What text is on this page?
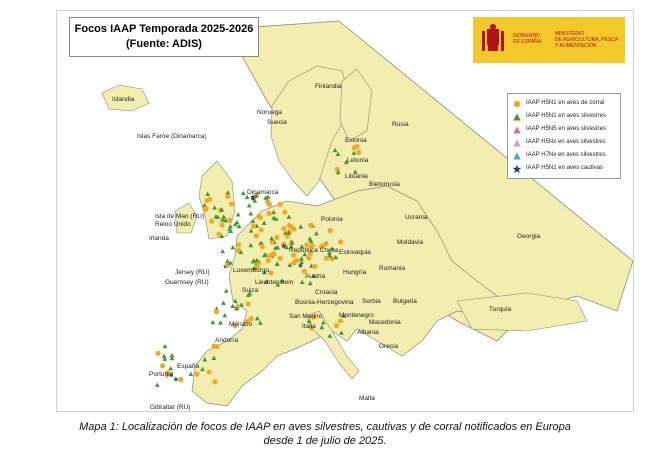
Focos IAAP Temporada 2025-2026
(Fuente: ADIS)
GOBIERNO
DE ESPAÑA
MINISTERIO
DE AGRICULTURA, PESCA
Y ALIMENTACIÓN
IAAP H5N1 en aves de corral
IAAP H5N1 en aves silvestres
IAAP H5N5 en aves silvestres
IAAP H5Nx en aves silvestres
IAAP H7Nx en aves silvestres
IAAP H5N1 en aves cautivas
Islandia
Islas Faroe (Dinamarca)
Finlandia
Noruega
Suecia	Rusia
Estonia
Letonia
Lituania
Bielorrusia
Dinamarca
Isla de Man (RU)
Reino Unido
Irlanda
Polonia	Ucrania
Jersey (RU)
Guernsey (RU)
República Checa Eslovaquia
Moldavia
Luxemburgo
Austria
Hungría
Rumania
Georgia
Liechtenstein
Suiza	Croacia
Serbia Bulgaria
Bosnia-Herzegovina
Montenegro
Mónaco
San Marino
Italia
Macedonia
Albania
Turquía
Andorra
Grecia
España
Portugal
Gibraltar (RU)
Malta
Mapa 1: Localización de focos de IAAP en aves silvestres, cautivas y de corral notificados en Europa
desde 1 de julio de 2025.
